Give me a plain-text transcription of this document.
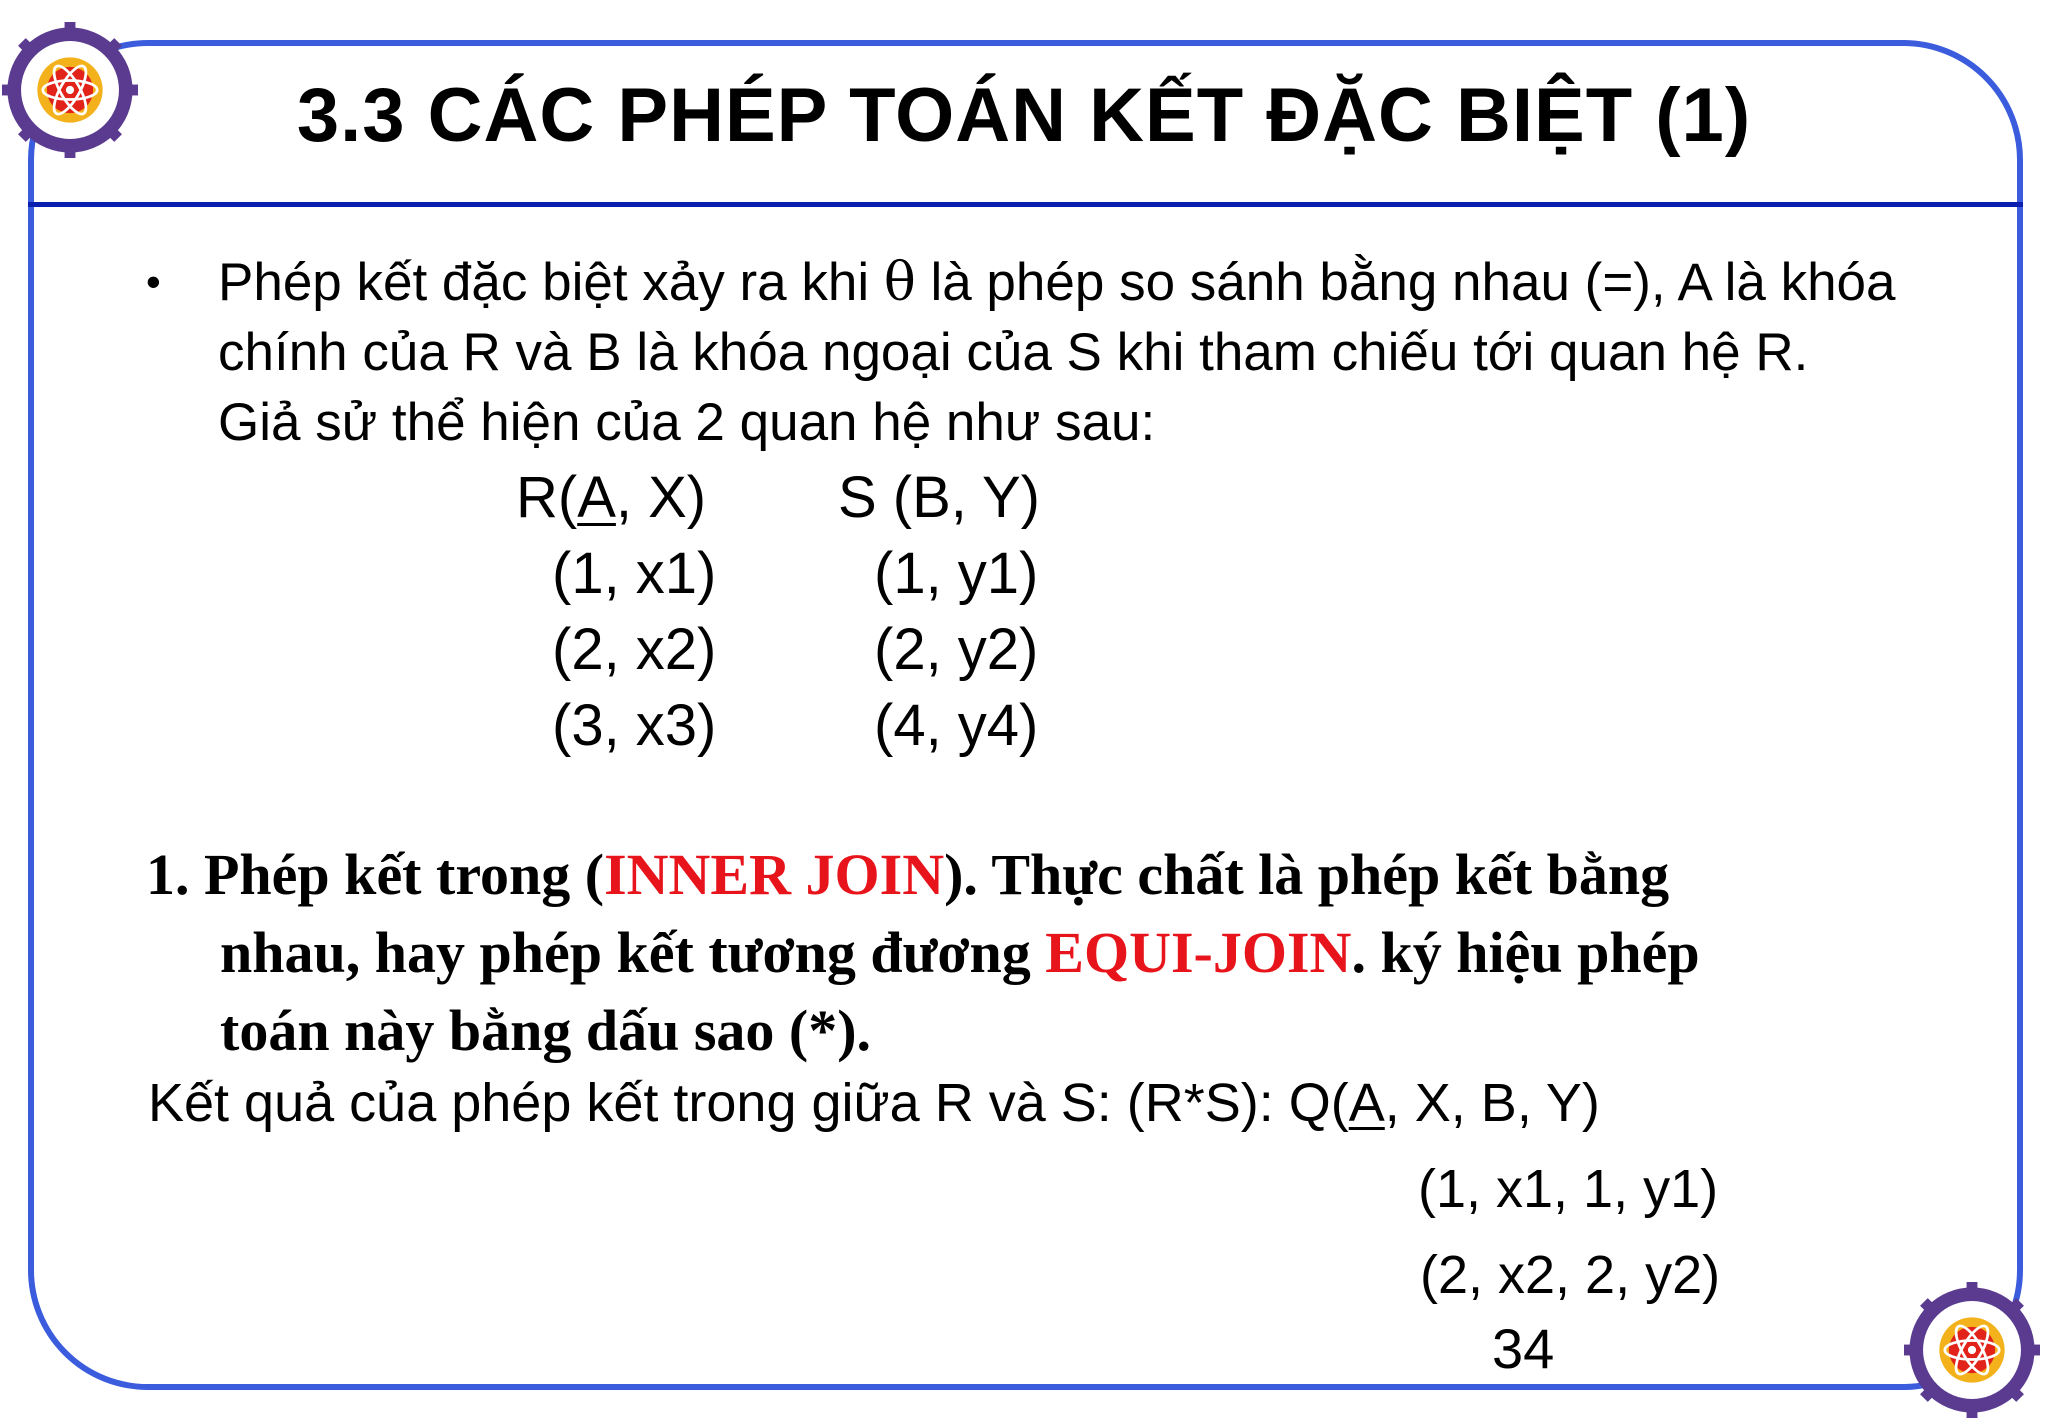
3.3 CÁC PHÉP TOÁN KẾT ĐẶC BIỆT (1)
• Phép kết đặc biệt xảy ra khi θ là phép so sánh bằng nhau (=), A là khóa chính của R và B là khóa ngoại của S khi tham chiếu tới quan hệ R. Giả sử thể hiện của 2 quan hệ như sau:
R(A, X)
(1, x1)
(2, x2)
(3, x3)
S (B, Y)
(1, y1)
(2, y2)
(4, y4)
1. Phép kết trong (INNER JOIN). Thực chất là phép kết bằng
nhau, hay phép kết tương đương EQUI-JOIN. ký hiệu phép
toán này bằng dấu sao (*).
Kết quả của phép kết trong giữa R và S: (R*S): Q(A, X, B, Y)
(1, x1, 1, y1)
(2, x2, 2, y2)
34
